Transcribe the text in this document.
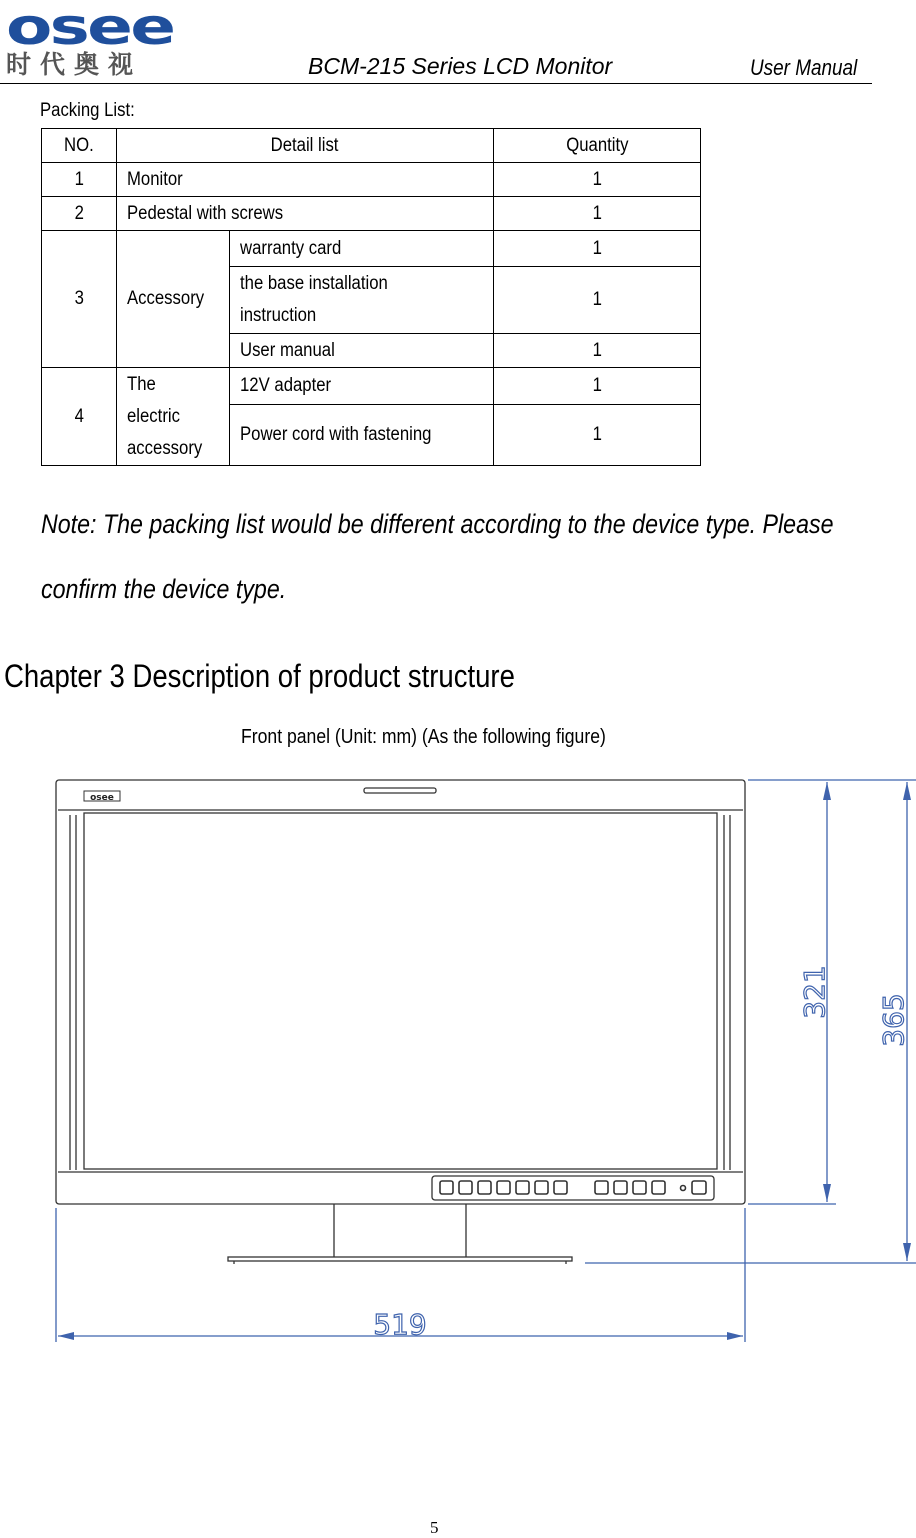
osee
时代奥视	BCM-215 Series LCD Monitor	User Manual
Packing List:
NO.	Detail list		Quantity
1	Monitor		1
2	Pedestal with screws		1
3	Accessory	warranty card	1
		the base installation instruction	1
		User manual	1
4	The electric accessory	12V adapter	1
		Power cord with fastening	1
Note: The packing list would be different according to the device type. Please confirm the device type.
Chapter 3 Description of product structure
Front panel (Unit: mm) (As the following figure)
osee
519
321
365
5
